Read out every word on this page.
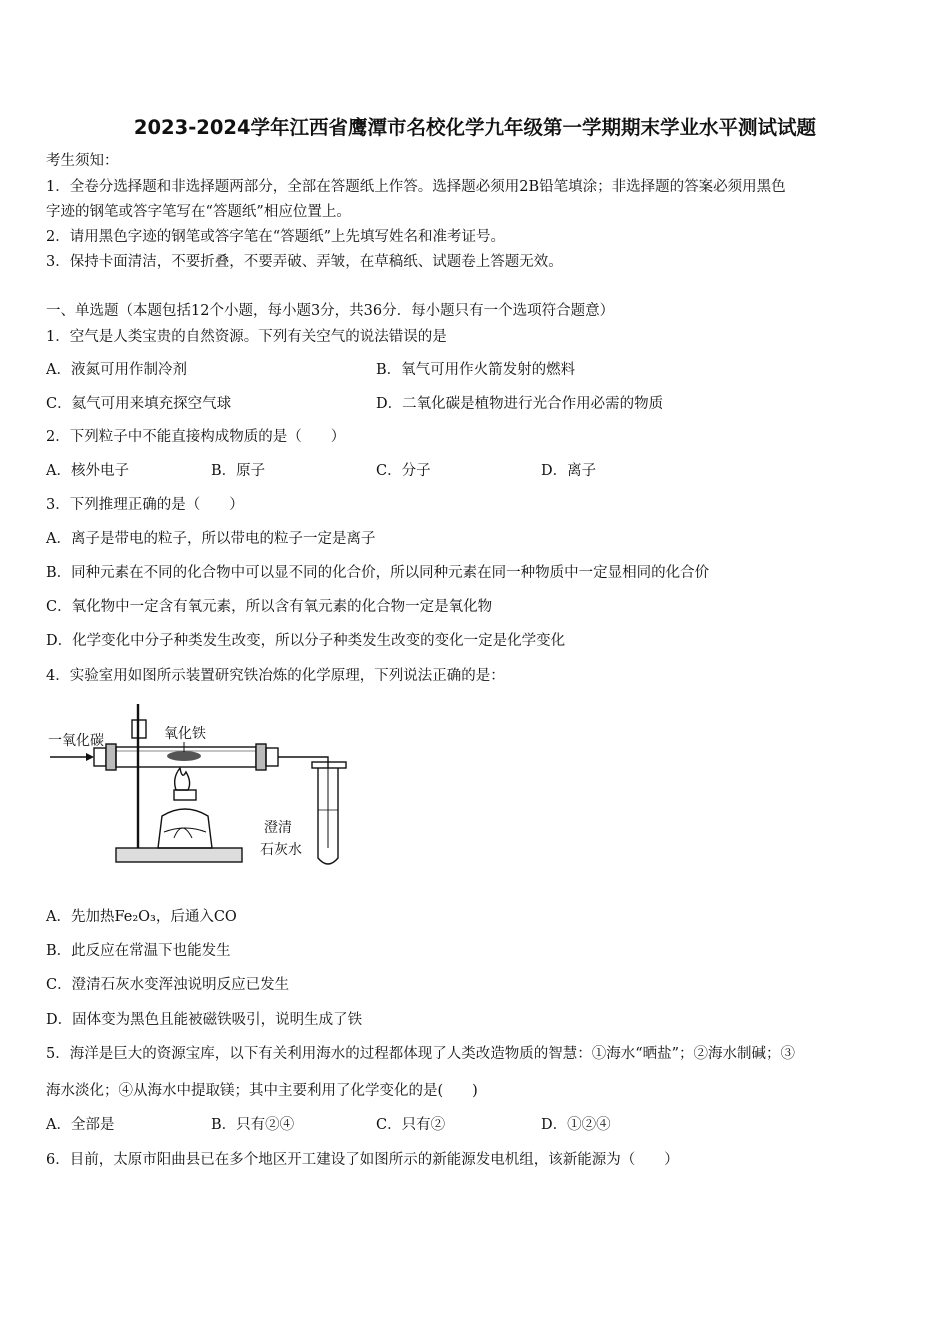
2023-2024学年江西省鹰潭市名校化学九年级第一学期期末学业水平测试试题
考生须知：
1．全卷分选择题和非选择题两部分，全部在答题纸上作答。选择题必须用2B铅笔填涂；非选择题的答案必须用黑色
字迹的钢笔或答字笔写在“答题纸”相应位置上。
2．请用黑色字迹的钢笔或答字笔在“答题纸”上先填写姓名和准考证号。
3．保持卡面清洁，不要折叠，不要弄破、弄皱，在草稿纸、试题卷上答题无效。
一、单选题（本题包括12个小题，每小题3分，共36分．每小题只有一个选项符合题意）
1．空气是人类宝贵的自然资源。下列有关空气的说法错误的是
A．液氮可用作制冷剂	B．氧气可用作火箭发射的燃料
C．氦气可用来填充探空气球	D．二氧化碳是植物进行光合作用必需的物质
2．下列粒子中不能直接构成物质的是（　　）
A．核外电子	B．原子	C．分子	D．离子
3．下列推理正确的是（　　）
A．离子是带电的粒子，所以带电的粒子一定是离子
B．同种元素在不同的化合物中可以显不同的化合价，所以同种元素在同一种物质中一定显相同的化合价
C．氧化物中一定含有氧元素，所以含有氧元素的化合物一定是氧化物
D．化学变化中分子种类发生改变，所以分子种类发生改变的变化一定是化学变化
4．实验室用如图所示装置研究铁冶炼的化学原理，下列说法正确的是：
一氧化碳	氧化铁
澄清
石灰水
A．先加热Fe₂O₃，后通入CO
B．此反应在常温下也能发生
C．澄清石灰水变浑浊说明反应已发生
D．固体变为黑色且能被磁铁吸引，说明生成了铁
5．海洋是巨大的资源宝库，以下有关利用海水的过程都体现了人类改造物质的智慧：①海水“晒盐”；②海水制碱；③
海水淡化；④从海水中提取镁；其中主要利用了化学变化的是(　　)
A．全部是	B．只有②④	C．只有②	D．①②④
6．目前，太原市阳曲县已在多个地区开工建设了如图所示的新能源发电机组，该新能源为（　　）
